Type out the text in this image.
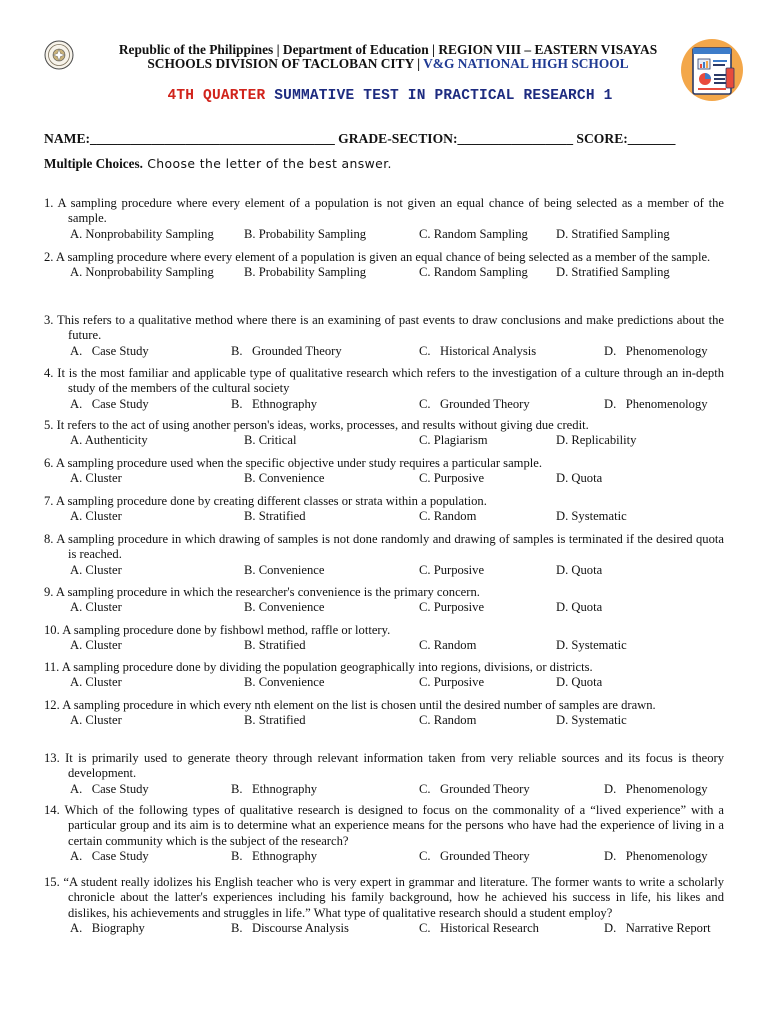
Republic of the Philippines | Department of Education | REGION VIII – EASTERN VISAYAS
SCHOOLS DIVISION OF TACLOBAN CITY | V&G NATIONAL HIGH SCHOOL
4TH QUARTER SUMMATIVE TEST IN PRACTICAL RESEARCH 1
NAME:____________________________________ GRADE-SECTION:_________________ SCORE:_______
Multiple Choices. Choose the letter of the best answer.
1. A sampling procedure where every element of a population is not given an equal chance of being selected as a member of the sample.
A. Nonprobability Sampling B. Probability Sampling	C. Random Sampling D. Stratified Sampling
2. A sampling procedure where every element of a population is given an equal chance of being selected as a member of the sample.
A. Nonprobability Sampling B. Probability Sampling	C. Random Sampling D. Stratified Sampling
3. This refers to a qualitative method where there is an examining of past events to draw conclusions and make predictions about the future.
A.   Case Study	B.   Grounded Theory	C.   Historical Analysis	D.   Phenomenology
4. It is the most familiar and applicable type of qualitative research which refers to the investigation of a culture through an in-depth study of the members of the cultural society
A.   Case Study	B.   Ethnography	C.   Grounded Theory	D.   Phenomenology
5. It refers to the act of using another person's ideas, works, processes, and results without giving due credit.
A. Authenticity	B. Critical	C. Plagiarism	D. Replicability
6. A sampling procedure used when the specific objective under study requires a particular sample.
A. Cluster	B. Convenience	C. Purposive	D. Quota
7. A sampling procedure done by creating different classes or strata within a population.
A. Cluster	B. Stratified	C. Random	D. Systematic
8. A sampling procedure in which drawing of samples is not done randomly and drawing of samples is terminated if the desired quota is reached.
A. Cluster	B. Convenience	C. Purposive	D. Quota
9. A sampling procedure in which the researcher's convenience is the primary concern.
A. Cluster	B. Convenience	C. Purposive	D. Quota
10. A sampling procedure done by fishbowl method, raffle or lottery.
A. Cluster	B. Stratified	C. Random	D. Systematic
11. A sampling procedure done by dividing the population geographically into regions, divisions, or districts.
A. Cluster	B. Convenience	C. Purposive	D. Quota
12. A sampling procedure in which every nth element on the list is chosen until the desired number of samples are drawn.
A. Cluster	B. Stratified	C. Random	D. Systematic
13. It is primarily used to generate theory through relevant information taken from very reliable sources and its focus is theory development.
A.   Case Study	B.   Ethnography	C.   Grounded Theory	D.   Phenomenology
14. Which of the following types of qualitative research is designed to focus on the commonality of a “lived experience” with a particular group and its aim is to determine what an experience means for the persons who have had the experience of living in a certain community which is the subject of the research?
A.   Case Study	B.   Ethnography	C.   Grounded Theory	D.   Phenomenology
15. “A student really idolizes his English teacher who is very expert in grammar and literature. The former wants to write a scholarly chronicle about the latter's experiences including his family background, how he achieved his success in life, his likes and dislikes, his achievements and struggles in life.” What type of qualitative research should a student employ?
A.   Biography	B.   Discourse Analysis	C.   Historical Research	D.   Narrative Report
